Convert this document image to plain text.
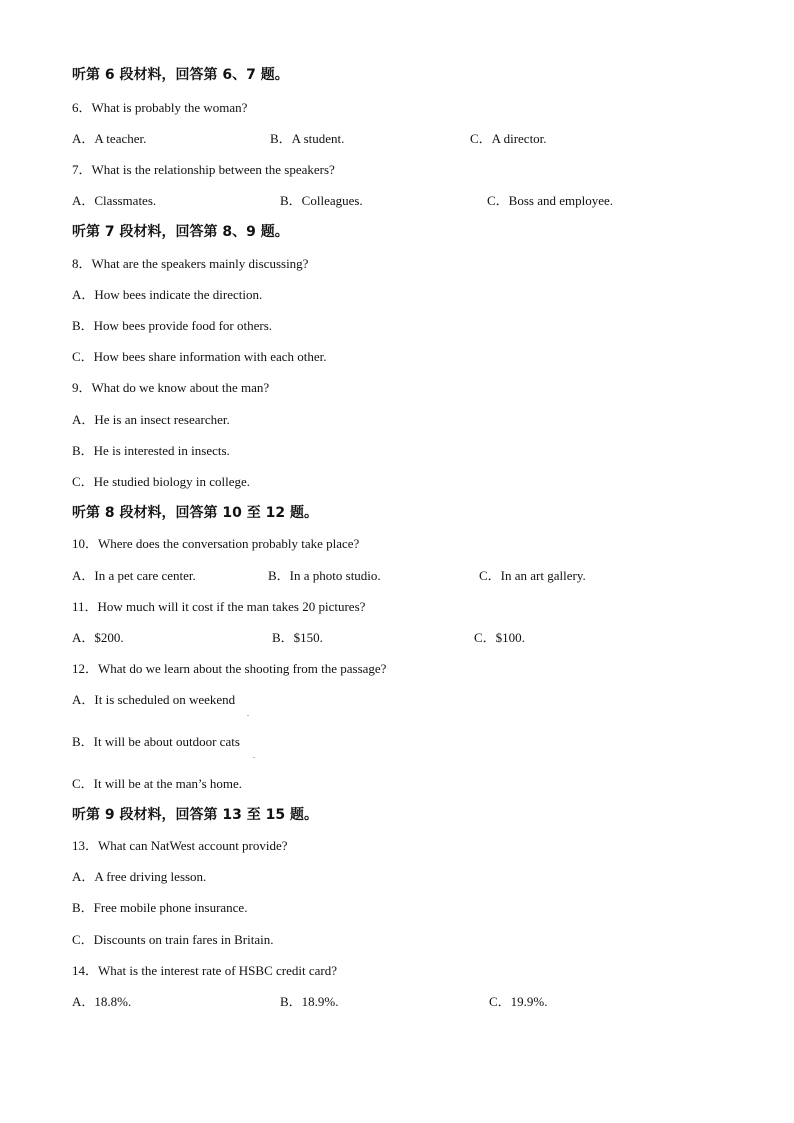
听第 6 段材料，回答第 6、7 题。
6．What is probably the woman?
A．A teacher.	B．A student.	C．A director.
7．What is the relationship between the speakers?
A．Classmates.	B．Colleagues.	C．Boss and employee.
听第 7 段材料，回答第 8、9 题。
8．What are the speakers mainly discussing?
A．How bees indicate the direction.
B．How bees provide food for others.
C．How bees share information with each other.
9．What do we know about the man?
A．He is an insect researcher.
B．He is interested in insects.
C．He studied biology in college.
听第 8 段材料，回答第 10 至 12 题。
10．Where does the conversation probably take place?
A．In a pet care center.	B．In a photo studio.	C．In an art gallery.
11．How much will it cost if the man takes 20 pictures?
A．$200.	B．$150.	C．$100.
12．What do we learn about the shooting from the passage?
A．It is scheduled on weekend
.
B．It will be about outdoor cats
.
C．It will be at the man’s home.
听第 9 段材料，回答第 13 至 15 题。
13．What can NatWest account provide?
A．A free driving lesson.
B．Free mobile phone insurance.
C．Discounts on train fares in Britain.
14．What is the interest rate of HSBC credit card?
A．18.8%.	B．18.9%.	C．19.9%.
